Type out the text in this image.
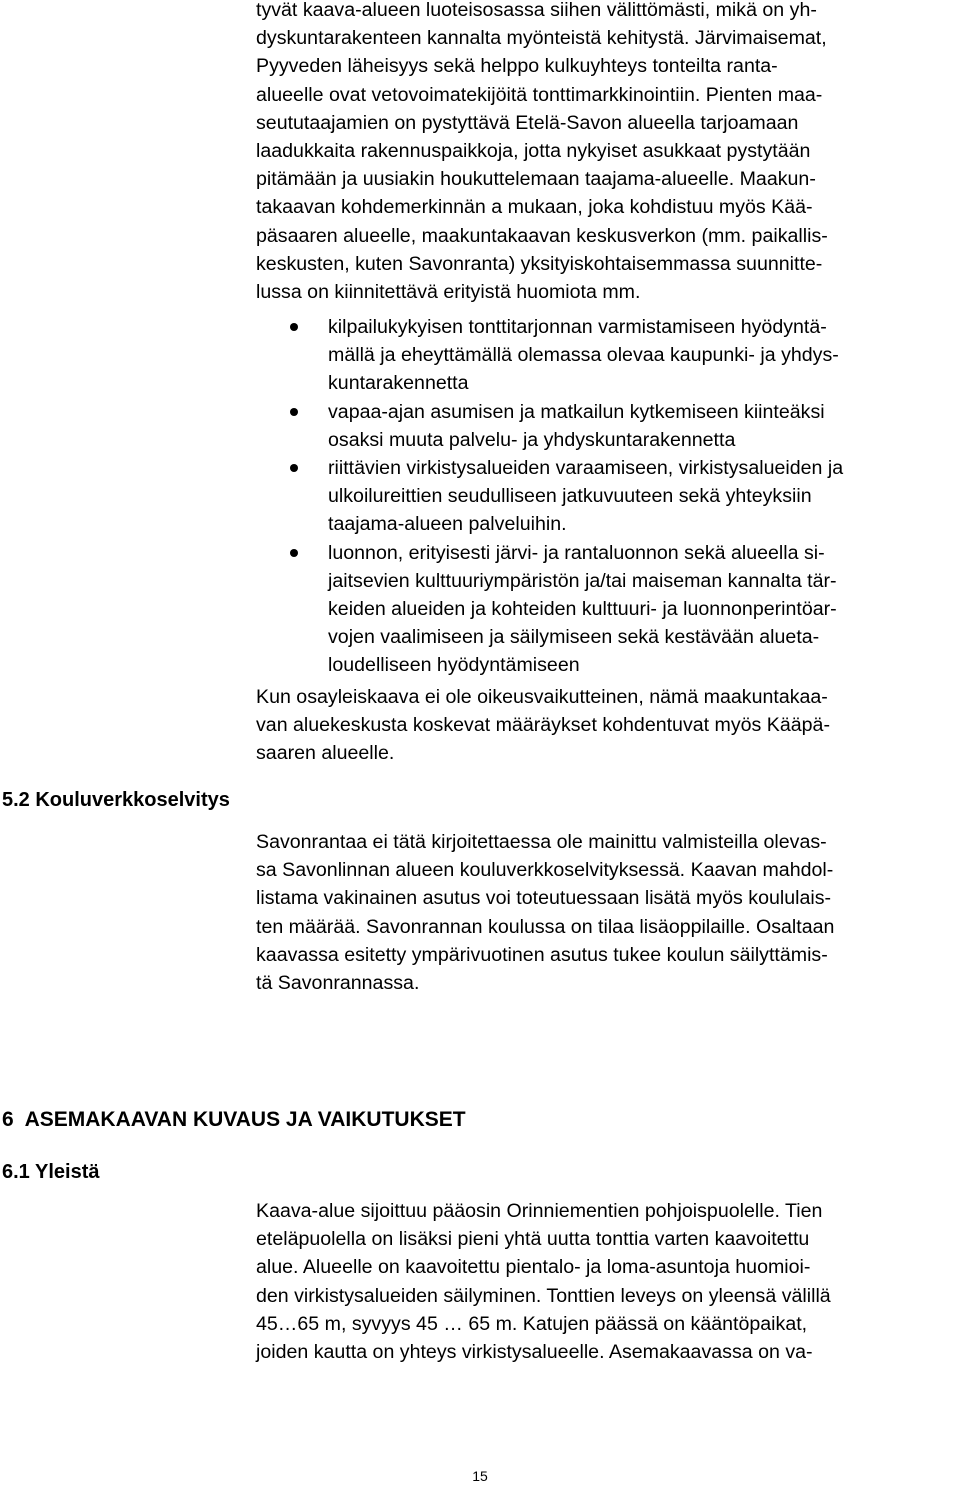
tyvät kaava-alueen luoteisosassa siihen välittömästi, mikä on yh-
dyskuntarakenteen kannalta myönteistä kehitystä. Järvimaisemat,
Pyyveden läheisyys sekä helppo kulkuyhteys tonteilta ranta-
alueelle ovat vetovoimatekijöitä tonttimarkkinointiin. Pienten maa-
seututaajamien on pystyttävä Etelä-Savon alueella tarjoamaan
laadukkaita rakennuspaikkoja, jotta nykyiset asukkaat pystytään
pitämään ja uusiakin houkuttelemaan taajama-alueelle. Maakun-
takaavan kohdemerkinnän a mukaan, joka kohdistuu myös Kää-
päsaaren alueelle, maakuntakaavan keskusverkon (mm. paikallis-
keskusten, kuten Savonranta) yksityiskohtaisemmassa suunnitte-
lussa on kiinnitettävä erityistä huomiota mm.
kilpailukykyisen tonttitarjonnan varmistamiseen hyödyntä-
mällä ja eheyttämällä olemassa olevaa kaupunki- ja yhdys-
kuntarakennetta
vapaa-ajan asumisen ja matkailun kytkemiseen kiinteäksi
osaksi muuta palvelu- ja yhdyskuntarakennetta
riittävien virkistysalueiden varaamiseen, virkistysalueiden ja
ulkoilureittien seudulliseen jatkuvuuteen sekä yhteyksiin
taajama-alueen palveluihin.
luonnon, erityisesti järvi- ja rantaluonnon sekä alueella si-
jaitsevien kulttuuriympäristön ja/tai maiseman kannalta tär-
keiden alueiden ja kohteiden kulttuuri- ja luonnonperintöar-
vojen vaalimiseen ja säilymiseen sekä kestävään alueta-
loudelliseen hyödyntämiseen
Kun osayleiskaava ei ole oikeusvaikutteinen, nämä maakuntakaa-
van aluekeskusta koskevat määräykset kohdentuvat myös Kääpä-
saaren alueelle.
5.2 Kouluverkkoselvitys
Savonrantaa ei tätä kirjoitettaessa ole mainittu valmisteilla olevas-
sa Savonlinnan alueen kouluverkkoselvityksessä. Kaavan mahdol-
listama vakinainen asutus voi toteutuessaan lisätä myös koululais-
ten määrää. Savonrannan koulussa on tilaa lisäoppilaille. Osaltaan
kaavassa esitetty ympärivuotinen asutus tukee koulun säilyttämis-
tä Savonrannassa.
6  ASEMAKAAVAN KUVAUS JA VAIKUTUKSET
6.1 Yleistä
Kaava-alue sijoittuu pääosin Orinniementien pohjoispuolelle. Tien
eteläpuolella on lisäksi pieni yhtä uutta tonttia varten kaavoitettu
alue. Alueelle on kaavoitettu pientalo- ja loma-asuntoja huomioi-
den virkistysalueiden säilyminen. Tonttien leveys on yleensä välillä
45…65 m, syvyys 45 … 65 m. Katujen päässä on kääntöpaikat,
joiden kautta on yhteys virkistysalueelle. Asemakaavassa on va-
15
